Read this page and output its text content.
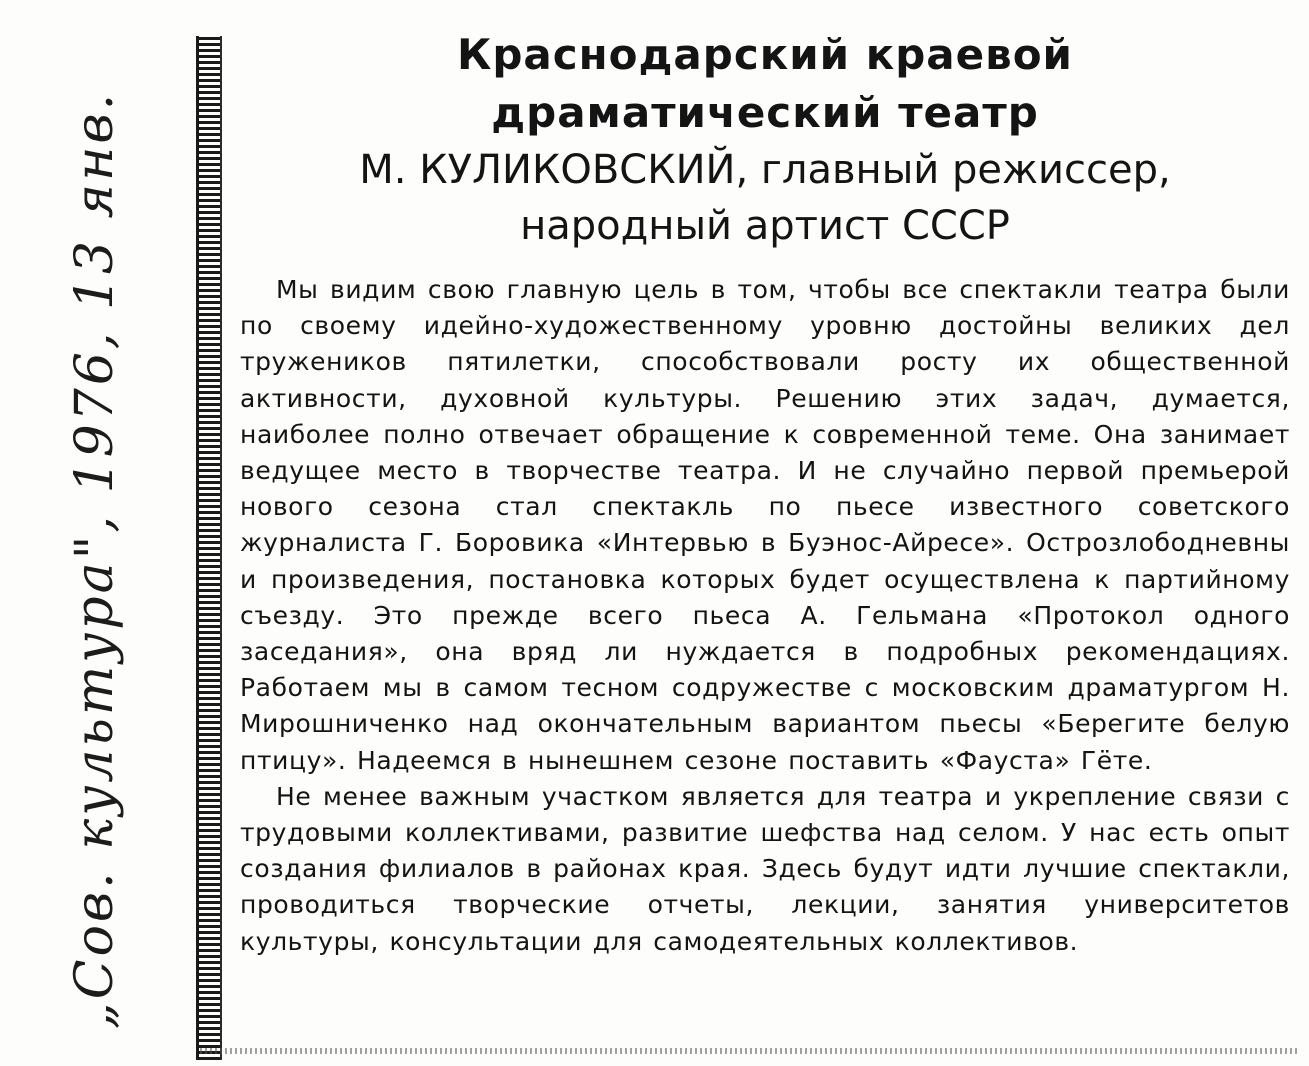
„Сов. культура", 1976, 13 янв.
Краснодарский краевой
драматический театр
М. КУЛИКОВСКИЙ, главный режиссер,
народный артист СССР

Мы видим свою главную цель в том, чтобы все спектакли театра были по своему идейно-художественному уровню достойны великих дел тружеников пятилетки, способствовали росту их общественной активности, духовной культуры. Решению этих задач, думается, наиболее полно отвечает обращение к современной теме. Она занимает ведущее место в творчестве театра. И не случайно первой премьерой нового сезона стал спектакль по пьесе известного советского журналиста Г. Боровика «Интервью в Буэнос-Айресе». Острозлободневны и произведения, постановка которых будет осуществлена к партийному съезду. Это прежде всего пьеса А. Гельмана «Протокол одного заседания», она вряд ли нуждается в подробных рекомендациях. Работаем мы в самом тесном содружестве с московским драматургом Н. Мирошниченко над окончательным вариантом пьесы «Берегите белую птицу». Надеемся в нынешнем сезоне поставить «Фауста» Гёте.

Не менее важным участком является для театра и укрепление связи с трудовыми коллективами, развитие шефства над селом. У нас есть опыт создания филиалов в районах края. Здесь будут идти лучшие спектакли, проводиться творческие отчеты, лекции, занятия университетов культуры, консультации для самодеятельных коллективов.
